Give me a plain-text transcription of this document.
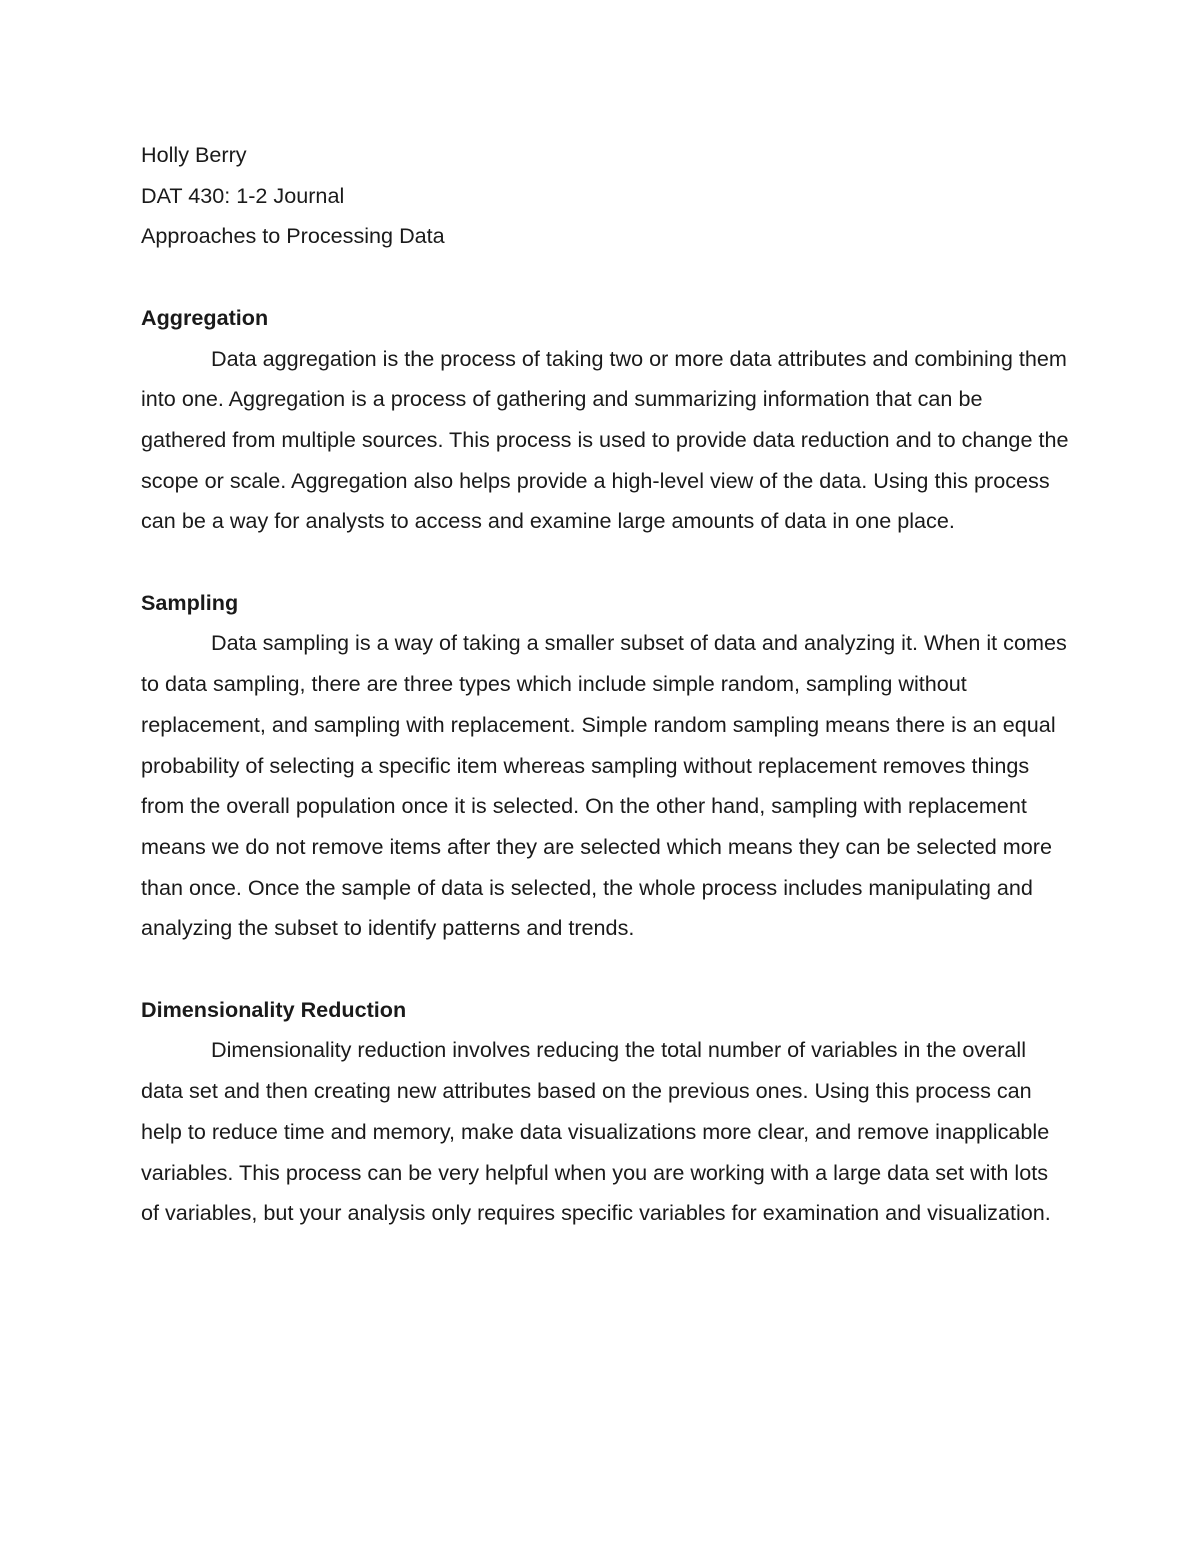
Holly Berry

DAT 430: 1-2 Journal

Approaches to Processing Data

Aggregation

Data aggregation is the process of taking two or more data attributes and combining them into one. Aggregation is a process of gathering and summarizing information that can be gathered from multiple sources. This process is used to provide data reduction and to change the scope or scale. Aggregation also helps provide a high-level view of the data. Using this process can be a way for analysts to access and examine large amounts of data in one place.

Sampling

Data sampling is a way of taking a smaller subset of data and analyzing it. When it comes to data sampling, there are three types which include simple random, sampling without replacement, and sampling with replacement. Simple random sampling means there is an equal probability of selecting a specific item whereas sampling without replacement removes things from the overall population once it is selected. On the other hand, sampling with replacement means we do not remove items after they are selected which means they can be selected more than once. Once the sample of data is selected, the whole process includes manipulating and analyzing the subset to identify patterns and trends.

Dimensionality Reduction

Dimensionality reduction involves reducing the total number of variables in the overall data set and then creating new attributes based on the previous ones. Using this process can help to reduce time and memory, make data visualizations more clear, and remove inapplicable variables. This process can be very helpful when you are working with a large data set with lots of variables, but your analysis only requires specific variables for examination and visualization.
